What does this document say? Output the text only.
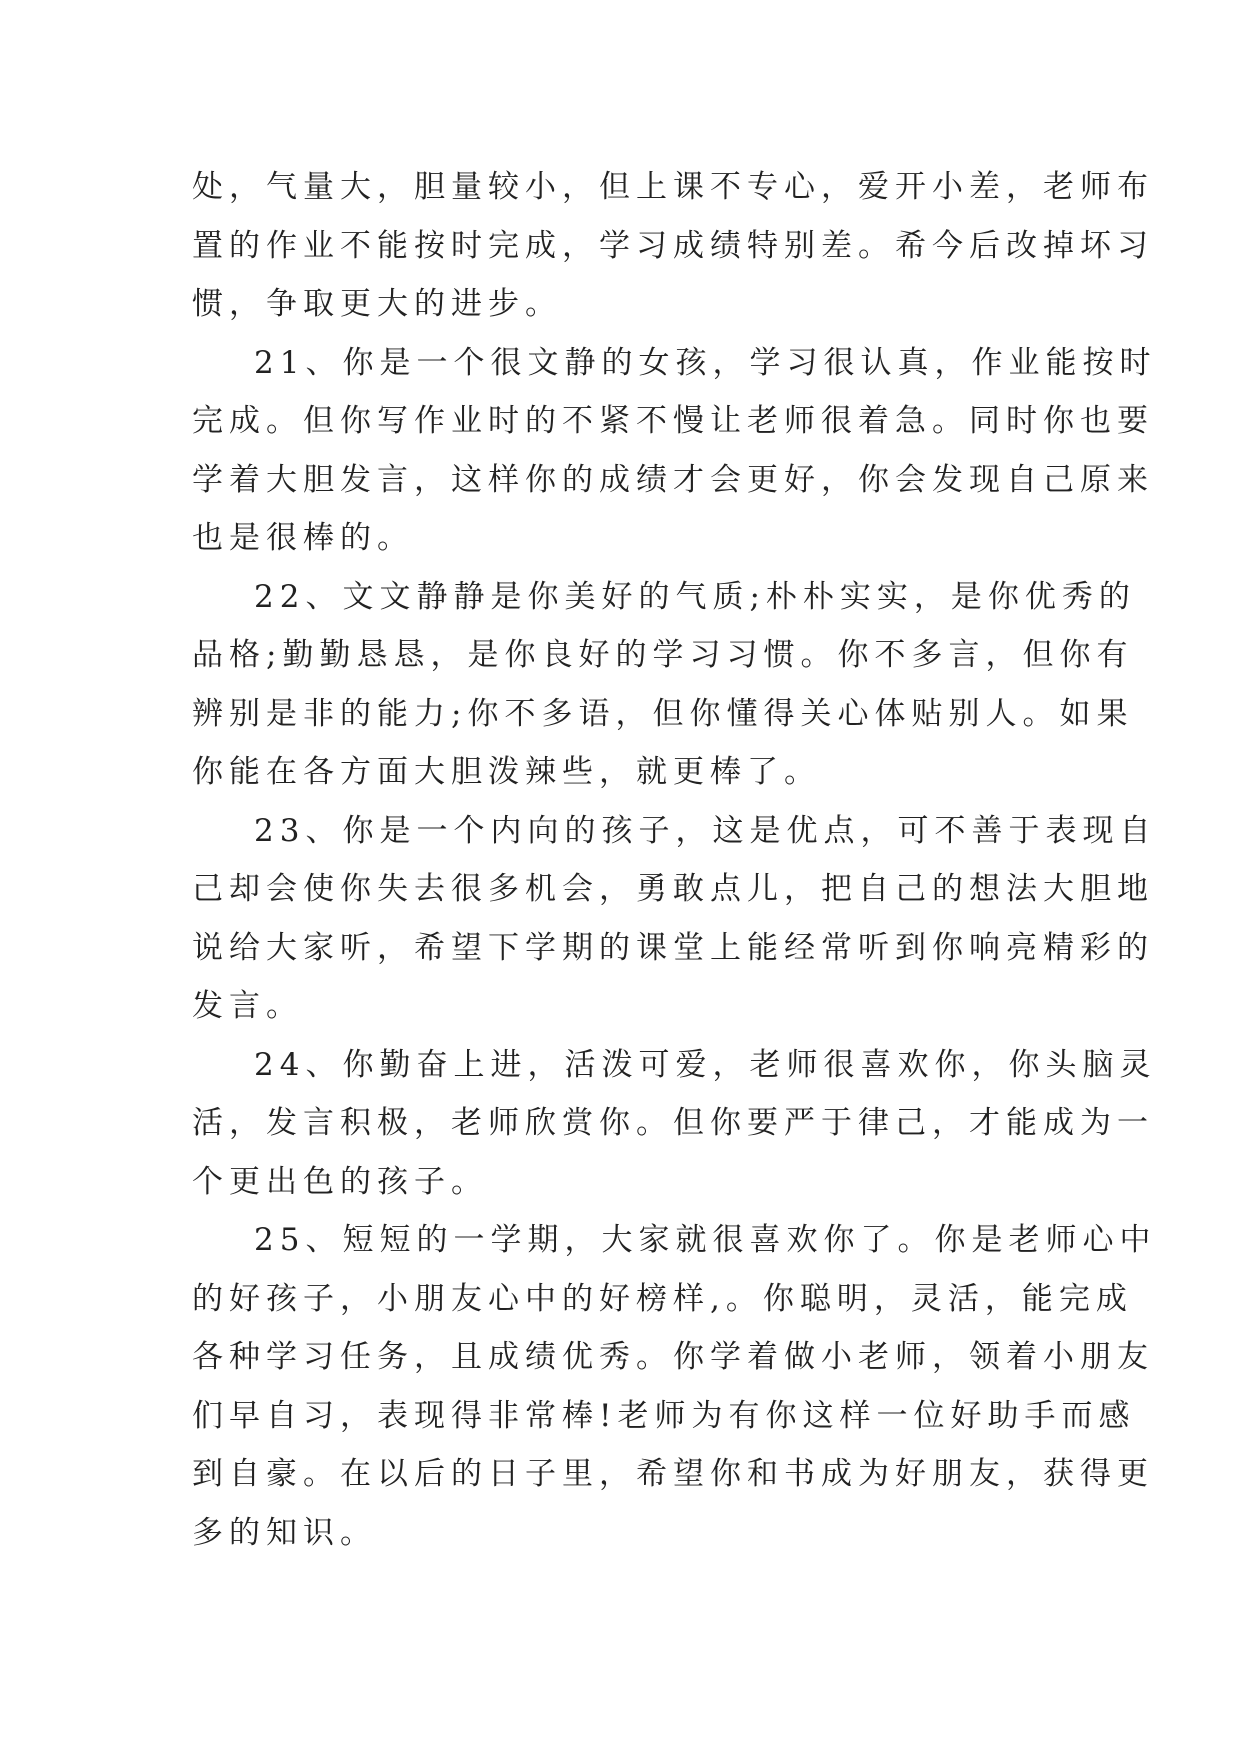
处，气量大，胆量较小，但上课不专心，爱开小差，老师布
置的作业不能按时完成，学习成绩特别差。希今后改掉坏习
惯，争取更大的进步。
21、你是一个很文静的女孩，学习很认真，作业能按时
完成。但你写作业时的不紧不慢让老师很着急。同时你也要
学着大胆发言，这样你的成绩才会更好，你会发现自己原来
也是很棒的。
22、文文静静是你美好的气质;朴朴实实，是你优秀的
品格;勤勤恳恳，是你良好的学习习惯。你不多言，但你有
辨别是非的能力;你不多语，但你懂得关心体贴别人。如果
你能在各方面大胆泼辣些，就更棒了。
23、你是一个内向的孩子，这是优点，可不善于表现自
己却会使你失去很多机会，勇敢点儿，把自己的想法大胆地
说给大家听，希望下学期的课堂上能经常听到你响亮精彩的
发言。
24、你勤奋上进，活泼可爱，老师很喜欢你，你头脑灵
活，发言积极，老师欣赏你。但你要严于律己，才能成为一
个更出色的孩子。
25、短短的一学期，大家就很喜欢你了。你是老师心中
的好孩子，小朋友心中的好榜样,。你聪明，灵活，能完成
各种学习任务，且成绩优秀。你学着做小老师，领着小朋友
们早自习，表现得非常棒!老师为有你这样一位好助手而感
到自豪。在以后的日子里，希望你和书成为好朋友，获得更
多的知识。
